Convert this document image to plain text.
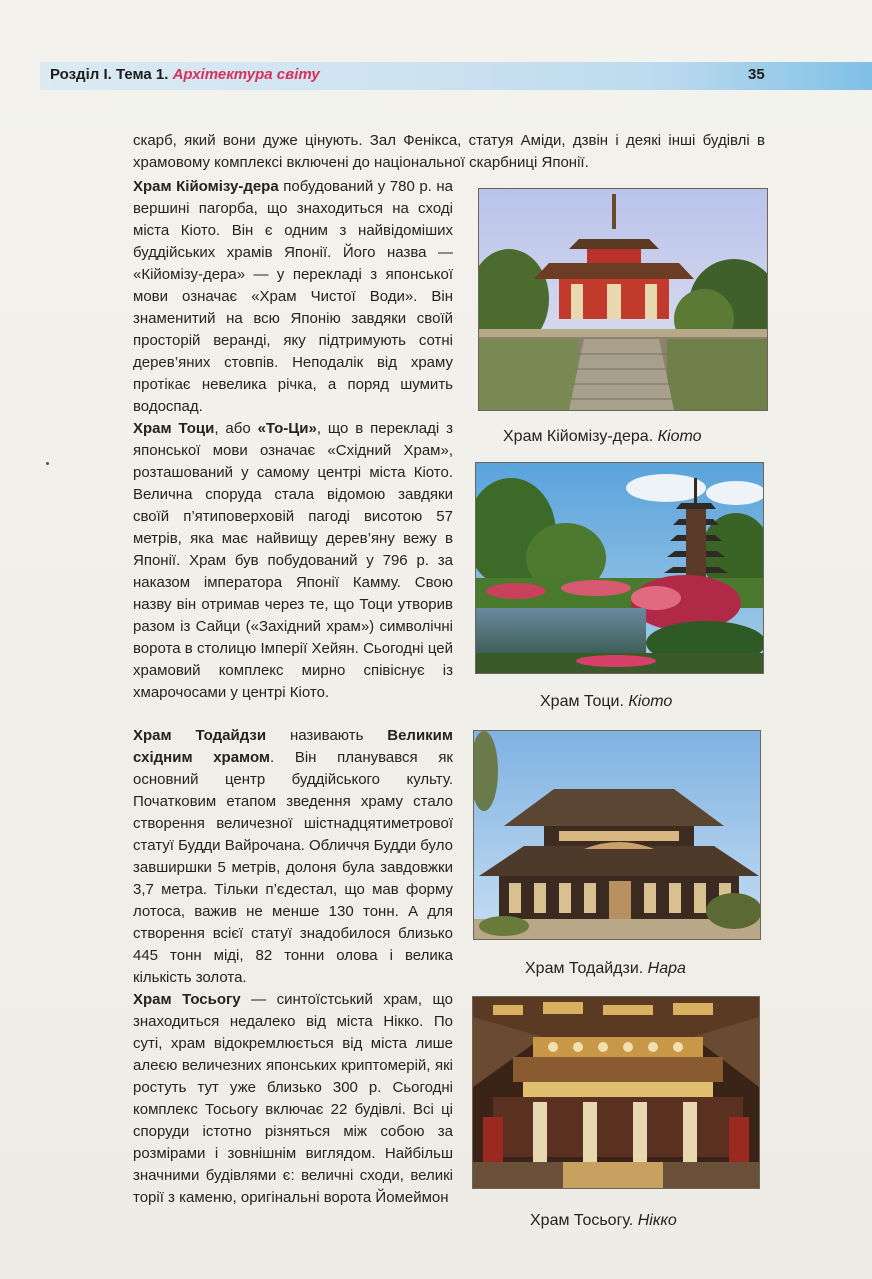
Розділ І. Тема 1. Архітектура світу	35
скарб, який вони дуже цінують. Зал Фенікса, статуя Аміди, дзвін і деякі інші будівлі в храмовому комплексі включені до національної скарбниці Японії.
Храм Кійомізу-дера побудований у 780 р. на вершині пагорба, що знаходиться на сході міста Кіото. Він є одним з найвідоміших буддійських храмів Японії. Його назва — «Кійомізу-дера» — у перекладі з японської мови означає «Храм Чистої Води». Він знаменитий на всю Японію завдяки своїй просторій веранді, яку підтримують сотні дерев’яних стовпів. Неподалік від храму протікає невелика річка, а поряд шумить водоспад.
Храм Тоци, або «То-Ци», що в перекладі з японської мови означає «Східний Храм», розташований у самому центрі міста Кіото. Велична споруда стала відомою завдяки своїй п’ятиповерховій пагоді висотою 57 метрів, яка має найвищу дерев’яну вежу в Японії. Храм був побудований у 796 р. за наказом імператора Японії Камму. Свою назву він отримав через те, що Тоци утворив разом із Сайци («Західний храм») символічні ворота в столицю Імперії Хейян. Сьогодні цей храмовий комплекс мирно співіснує із хмарочосами у центрі Кіото.
Храм Тодайдзи називають Великим східним храмом. Він планувався як основний центр буддійського культу. Початковим етапом зведення храму стало створення величезної шістнадцятиметрової статуї Будди Вайрочана. Обличчя Будди було завширшки 5 метрів, долоня була завдовжки 3,7 метра. Тільки п’єдестал, що мав форму лотоса, важив не менше 130 тонн. А для створення всієї статуї знадобилося близько 445 тонн міді, 82 тонни олова і велика кількість золота.
Храм Тосьогу — синтоїстський храм, що знаходиться недалеко від міста Нікко. По суті, храм відокремлюється від міста лише алеєю величезних японських криптомерій, які ростуть тут уже близько 300 р. Сьогодні комплекс Тосьогу включає 22 будівлі. Всі ці споруди істотно різняться між собою за розмірами і зовнішнім виглядом. Найбільш значними будівлями є: величні сходи, великі торії з каменю, оригінальні ворота Йомеймон
Храм Кійомізу-дера. Кіото
Храм Тоци. Кіото
Храм Тодайдзи. Нара
Храм Тосьогу. Нікко
